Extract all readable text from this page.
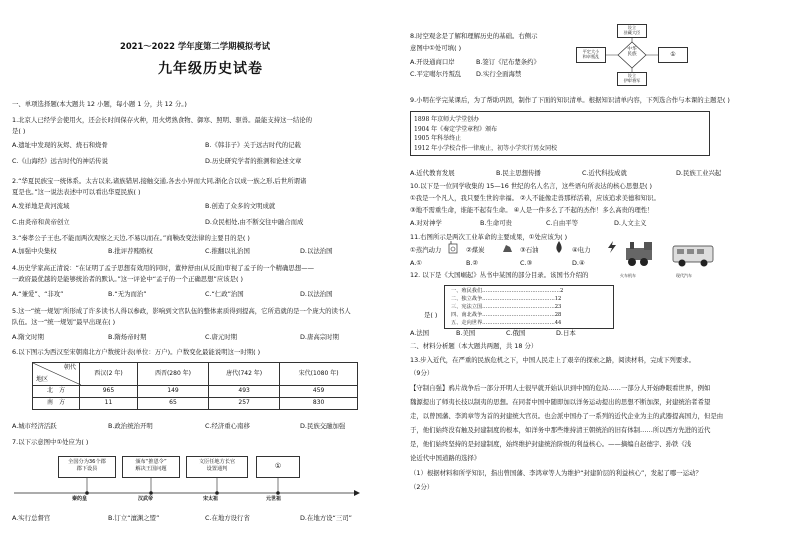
2021～2022 学年度第二学期模拟考试
九年级历史试卷
一、单项选择题(本大题共 12 小题，每小题 1 分，共 12 分。)
1.北京人已经学会使用火，还会长时间保存火种，用火烤熟食物、御寒、照明、驱兽。最能支持这一结论的
是( )
A.遗址中发现的灰烬、烧石和烧骨	B.《韩非子》关于远古时代的记载
C.《山海经》远古时代的神话传说	D.历史研究学者的推测和论述文章
2.“华夏民族宝一统体系。太古以来,诸族错居,接触交通,各去小异而大同,渐化合以成一族之形,后世所谓诸
夏是也。”这一说法表述中可以看出华夏民族( )
A.发祥地是黄河流域	B.创造了众多的文明成就
C.由炎帝和黄帝创立	D.众民相处,由不断交往中融合而成
3.“秦孝公子王也,不能而两次观察之天边,不易以而在。”商鞅改变法律的主要目的是( )
A.加强中央集权	B.批评荐贿赂权	C.推翻以礼治国	D.以法治国
4.历史学家高正清说：“在证明了孟子思想有效用的同时，董仲舒由(从反面)审视了孟子的一个精确思想——
一政府最优越的是能够统治者的默认。”这一评论中“孟子的一个正确思想”应该是( )
A.“兼爱”、“非攻”	B.“无为而治”	C.“仁政”治国	D.以法治国
5.这一“统一规划”所形成了许多读书人得以参政，影响到文官队伍的整体素质得到提高，它所造就的是一个庞大的读书人
队伍。这一“统一规划”最早出现在( )
A.隋文时期	B.隋炀帝时期	C.唐元时期	D.唐高宗时期
6.以下图示为西汉至宋朝南北方户数统计表(单位：万户)。户数变化最能说明这一时期( )
朝代
地区	西汉(2 年)	西晋(280 年)	唐代(742 年)	宋代(1080 年)
北　方	965	149	493	459
南　方	11	65	257	830
A.城市经济活跃	B.政治统治开明	C.经济重心南移	D.民族交融加强
7.以下示意图中①处应为( )
全国分为36个郡
郡下设县
颁布“推恩令”
解决王国问题
文臣任地方长官
设置通判	①
秦的皇	汉武帝	宋太祖	元世祖
A.实行总督官	B.订立“澶渊之盟”	C.在地方设行省	D.在地方设“三司”
8.时空观念是了解和理解历史的基础。右侧示
意图中①处可填( )
A.开设通商口岸	B.签订《尼布楚条约》
C.平定噶尔丹叛乱 D.实行全面海禁
中华
民族
平定大小
和卓叛乱	①
设立
驻藏大臣
设立
伊犁将军
9.小明在学完某课后，为了帮助巩固，制作了下面的知识清单。根据知识清单内容，下列选合作与本课的主题是( )
1898 年京师大学堂创办
1904 年《奏定学堂章程》颁布
1905 年科举终止
1912 年小学校合作一律废止，初等小学实行男女同校
A.近代教育发展	B.民主思想传播	C.近代科技成就	D.民族工业兴起
10.以下是一位同学收集的 15—16 世纪的名人名言，这些语句所表达的核心思想是( )
①我是一个凡人，我只要生世的幸福。 ②人不能像走兽那样活着，应该追求美德和知识。
③地不需重生命，谁能不起有生命。 ④人是一件多么了不起的杰作！多么高贵的理性！
A.对对神学	B.生命可贵	C.自由平等	D.人文主义
11.右图所示是两次工业革命的主要成果，①处应该为( )
①蒸汽动力	②煤炭	③石油	④电力
火车机车	现代汽车
A.①	B.②	C.③	D.④
12. 以下是《大国崛起》丛书中某国的部分目录。该国书介绍的
一、殖民我们………………………………………2
二、独立战争……………………………………12
三、宪法立国……………………………………23
四、南北战争……………………………………28
五、走向世界……………………………………44
是( )
A.法国	B.美国	C.俄国	D.日本
二、材料分析题（本大题共两题，共 18 分）
13.步入近代，在严重的民族危机之下，中国人民走上了艰辛的探索之路，阅读材料，完成下列要求。
（9分）
【守制自强】鸦片战争后一部分开明人士很早就开始认识到中国的危局……一部分人开始睁眼看世界，例如
魏源提出了师夷长技以制夷的思想。在同者中国中随即加以洋务运动提出的思想不断加深，封建统治者希望
走，以曾国藩、李鸿章等为首的封建统大官员。也会派中国办了一系列的近代企业为主的武器提高国力，但是由
于，他们始终没有触及封建制度的根本，如洋务中那些维持清王朝统治的旧有体制……所以西方先进的近代
是，他们始终坚持的是封建制度，始终维护封建统治阶级的利益核心。——摘编自赵德宇、孙铁《浅
论近代中国道路的选择》
（1）根据材料和所学知识，指出曾国藩、李鸿章等人为维护“封建阶层的利益核心”，发起了哪一运动？
（2分）
